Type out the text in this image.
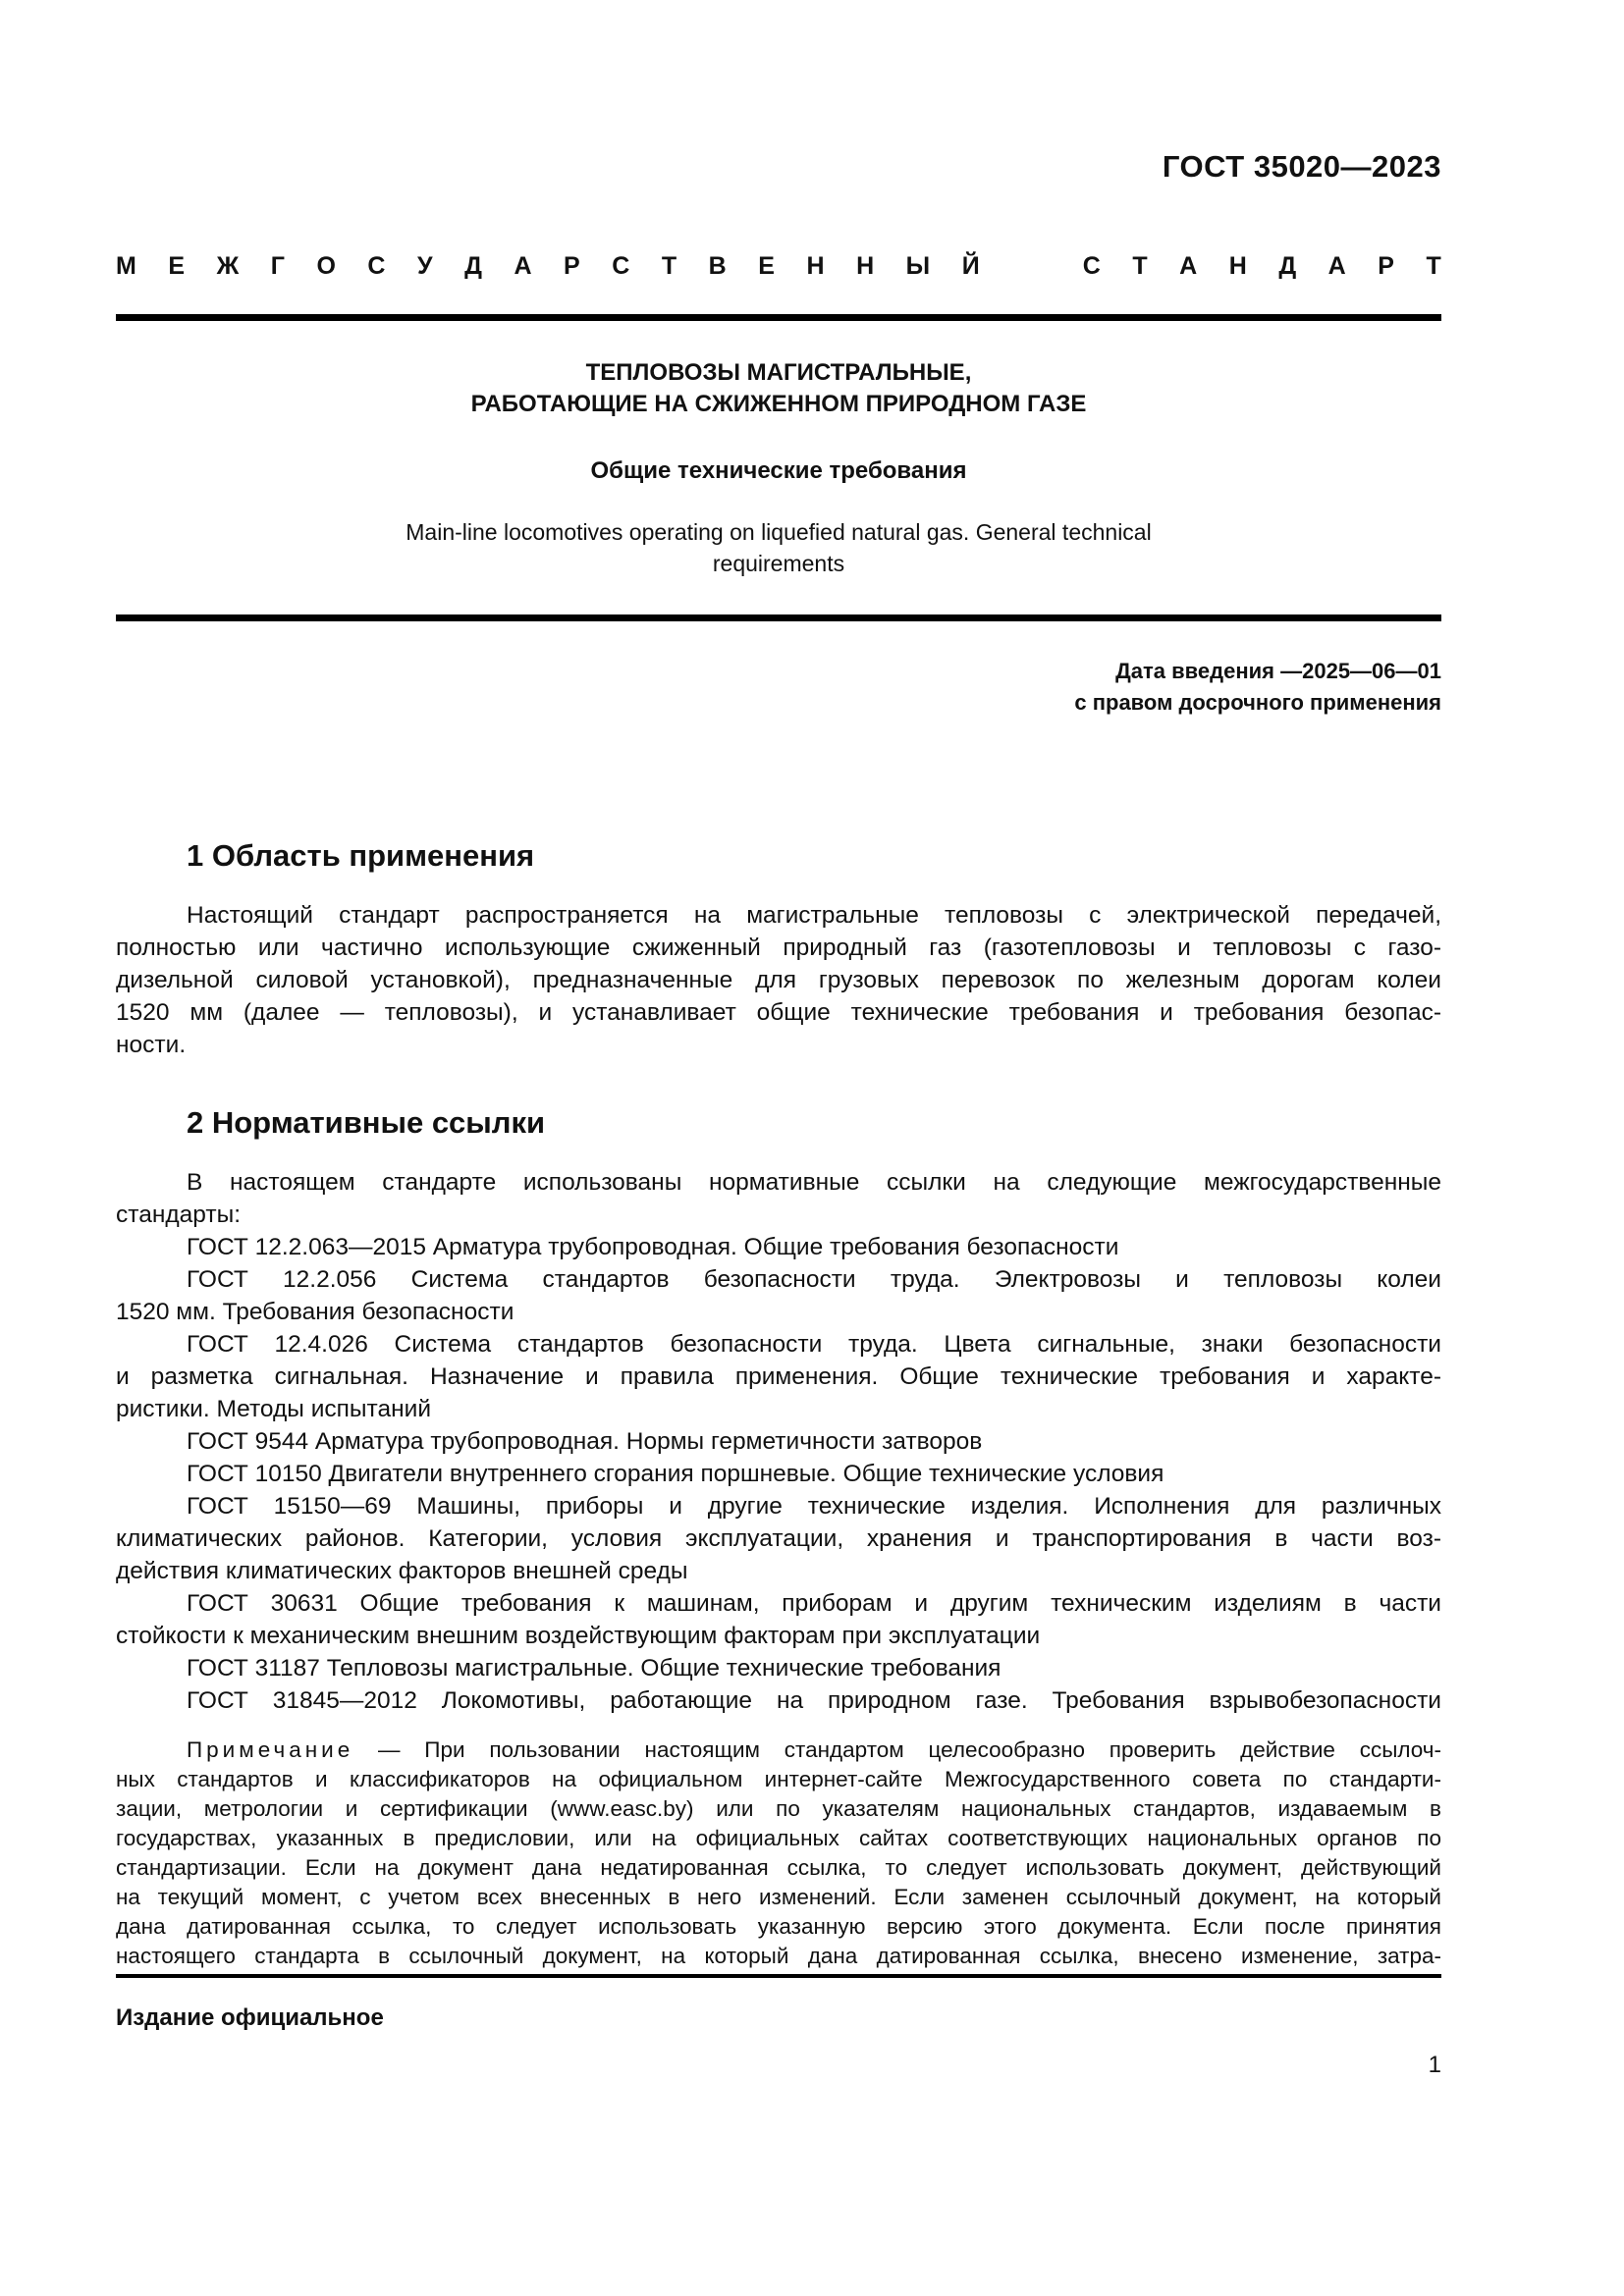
ГОСТ 35020—2023
М Е Ж Г О С У Д А Р С Т В Е Н Н Ы Й	С Т А Н Д А Р Т
ТЕПЛОВОЗЫ МАГИСТРАЛЬНЫЕ,
РАБОТАЮЩИЕ НА СЖИЖЕННОМ ПРИРОДНОМ ГАЗЕ
Общие технические требования
Main-line locomotives operating on liquefied natural gas. General technical
requirements
Дата введения —2025—06—01
с правом досрочного применения
1 Область применения
Настоящий стандарт распространяется на магистральные тепловозы с электрической передачей,
полностью или частично использующие сжиженный природный газ (газотепловозы и тепловозы с газо-
дизельной силовой установкой), предназначенные для грузовых перевозок по железным дорогам колеи
1520 мм (далее — тепловозы), и устанавливает общие технические требования и требования безопас-
ности.
2 Нормативные ссылки
В настоящем стандарте использованы нормативные ссылки на следующие межгосударственные
стандарты:
ГОСТ 12.2.063—2015 Арматура трубопроводная. Общие требования безопасности
ГОСТ 12.2.056 Система стандартов безопасности труда. Электровозы и тепловозы колеи
1520 мм. Требования безопасности
ГОСТ 12.4.026 Система стандартов безопасности труда. Цвета сигнальные, знаки безопасности
и разметка сигнальная. Назначение и правила применения. Общие технические требования и характе-
ристики. Методы испытаний
ГОСТ 9544 Арматура трубопроводная. Нормы герметичности затворов
ГОСТ 10150 Двигатели внутреннего сгорания поршневые. Общие технические условия
ГОСТ 15150—69 Машины, приборы и другие технические изделия. Исполнения для различных
климатических районов. Категории, условия эксплуатации, хранения и транспортирования в части воз-
действия климатических факторов внешней среды
ГОСТ 30631 Общие требования к машинам, приборам и другим техническим изделиям в части
стойкости к механическим внешним воздействующим факторам при эксплуатации
ГОСТ 31187 Тепловозы магистральные. Общие технические требования
ГОСТ 31845—2012 Локомотивы, работающие на природном газе. Требования взрывобезопасности
Примечание — При пользовании настоящим стандартом целесообразно проверить действие ссылоч-
ных стандартов и классификаторов на официальном интернет-сайте Межгосударственного совета по стандарти-
зации, метрологии и сертификации (www.easc.by) или по указателям национальных стандартов, издаваемым в
государствах, указанных в предисловии, или на официальных сайтах соответствующих национальных органов по
стандартизации. Если на документ дана недатированная ссылка, то следует использовать документ, действующий
на текущий момент, с учетом всех внесенных в него изменений. Если заменен ссылочный документ, на который
дана датированная ссылка, то следует использовать указанную версию этого документа. Если после принятия
настоящего стандарта в ссылочный документ, на который дана датированная ссылка, внесено изменение, затра-
Издание официальное
1
